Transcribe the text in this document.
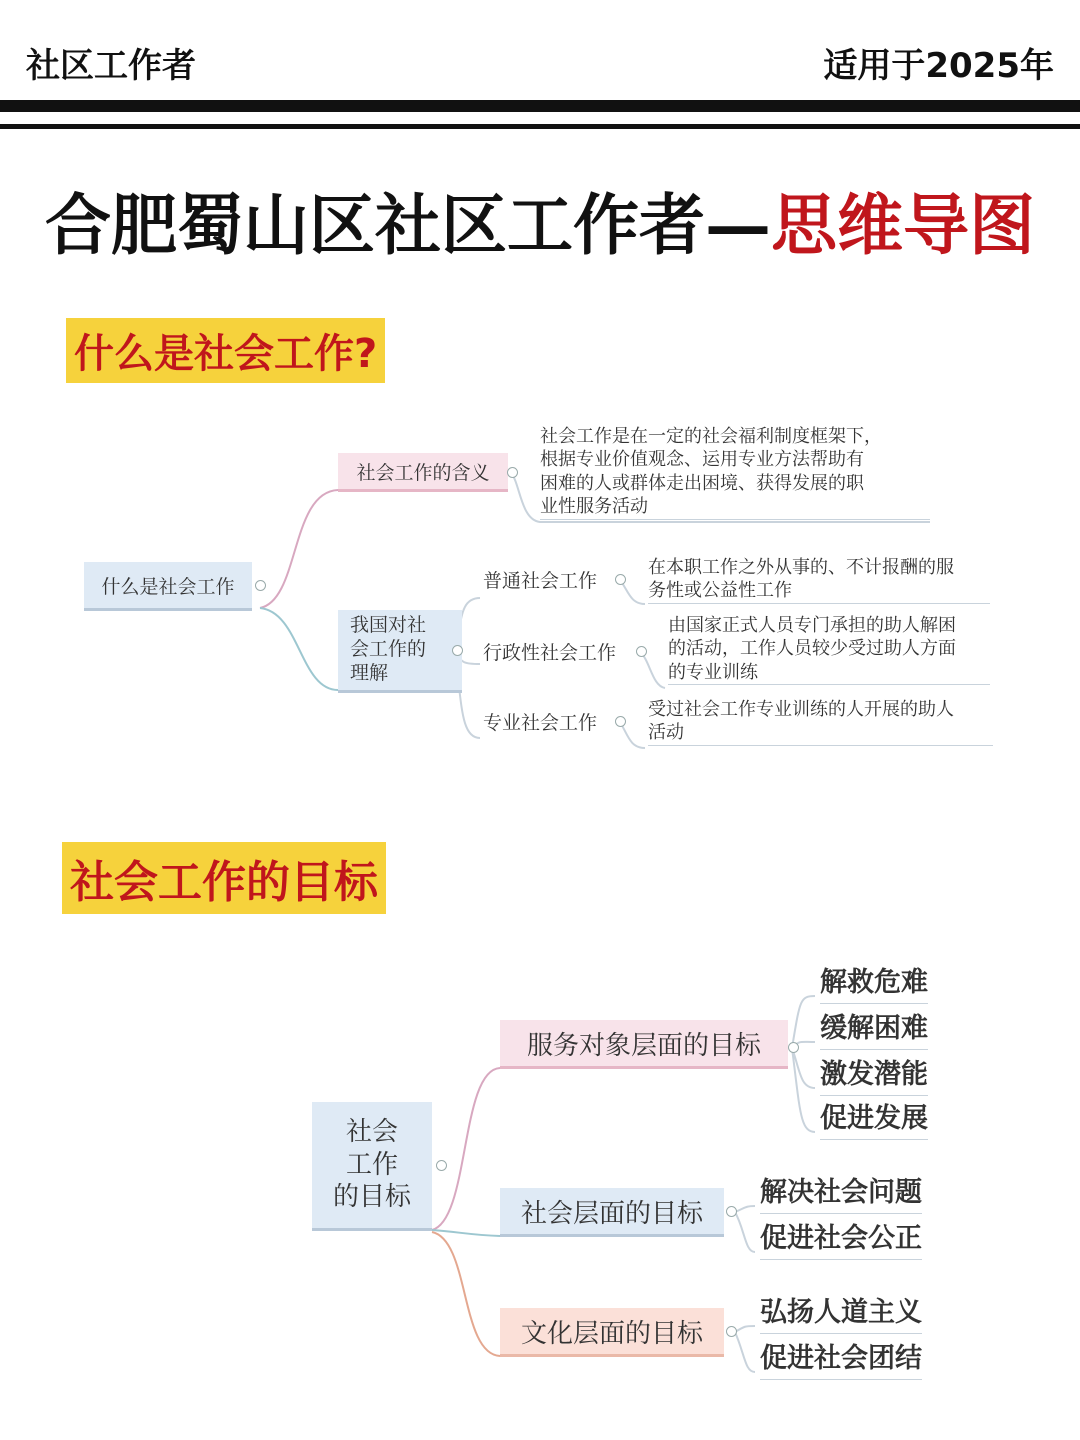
社区工作者	适用于2025年
合肥蜀山区社区工作者—思维导图
什么是社会工作?
什么是社会工作
社会工作的含义
社会工作是在一定的社会福利制度框架下，
根据专业价值观念、运用专业方法帮助有
困难的人或群体走出困境、获得发展的职
业性服务活动
我国对社
会工作的
理解
普通社会工作
在本职工作之外从事的、不计报酬的服
务性或公益性工作
行政性社会工作
由国家正式人员专门承担的助人解困
的活动，工作人员较少受过助人方面
的专业训练
专业社会工作
受过社会工作专业训练的人开展的助人
活动
社会工作的目标
社会
工作
的目标
服务对象层面的目标
解救危难
缓解困难
激发潜能
促进发展
社会层面的目标
解决社会问题
促进社会公正
文化层面的目标
弘扬人道主义
促进社会团结
